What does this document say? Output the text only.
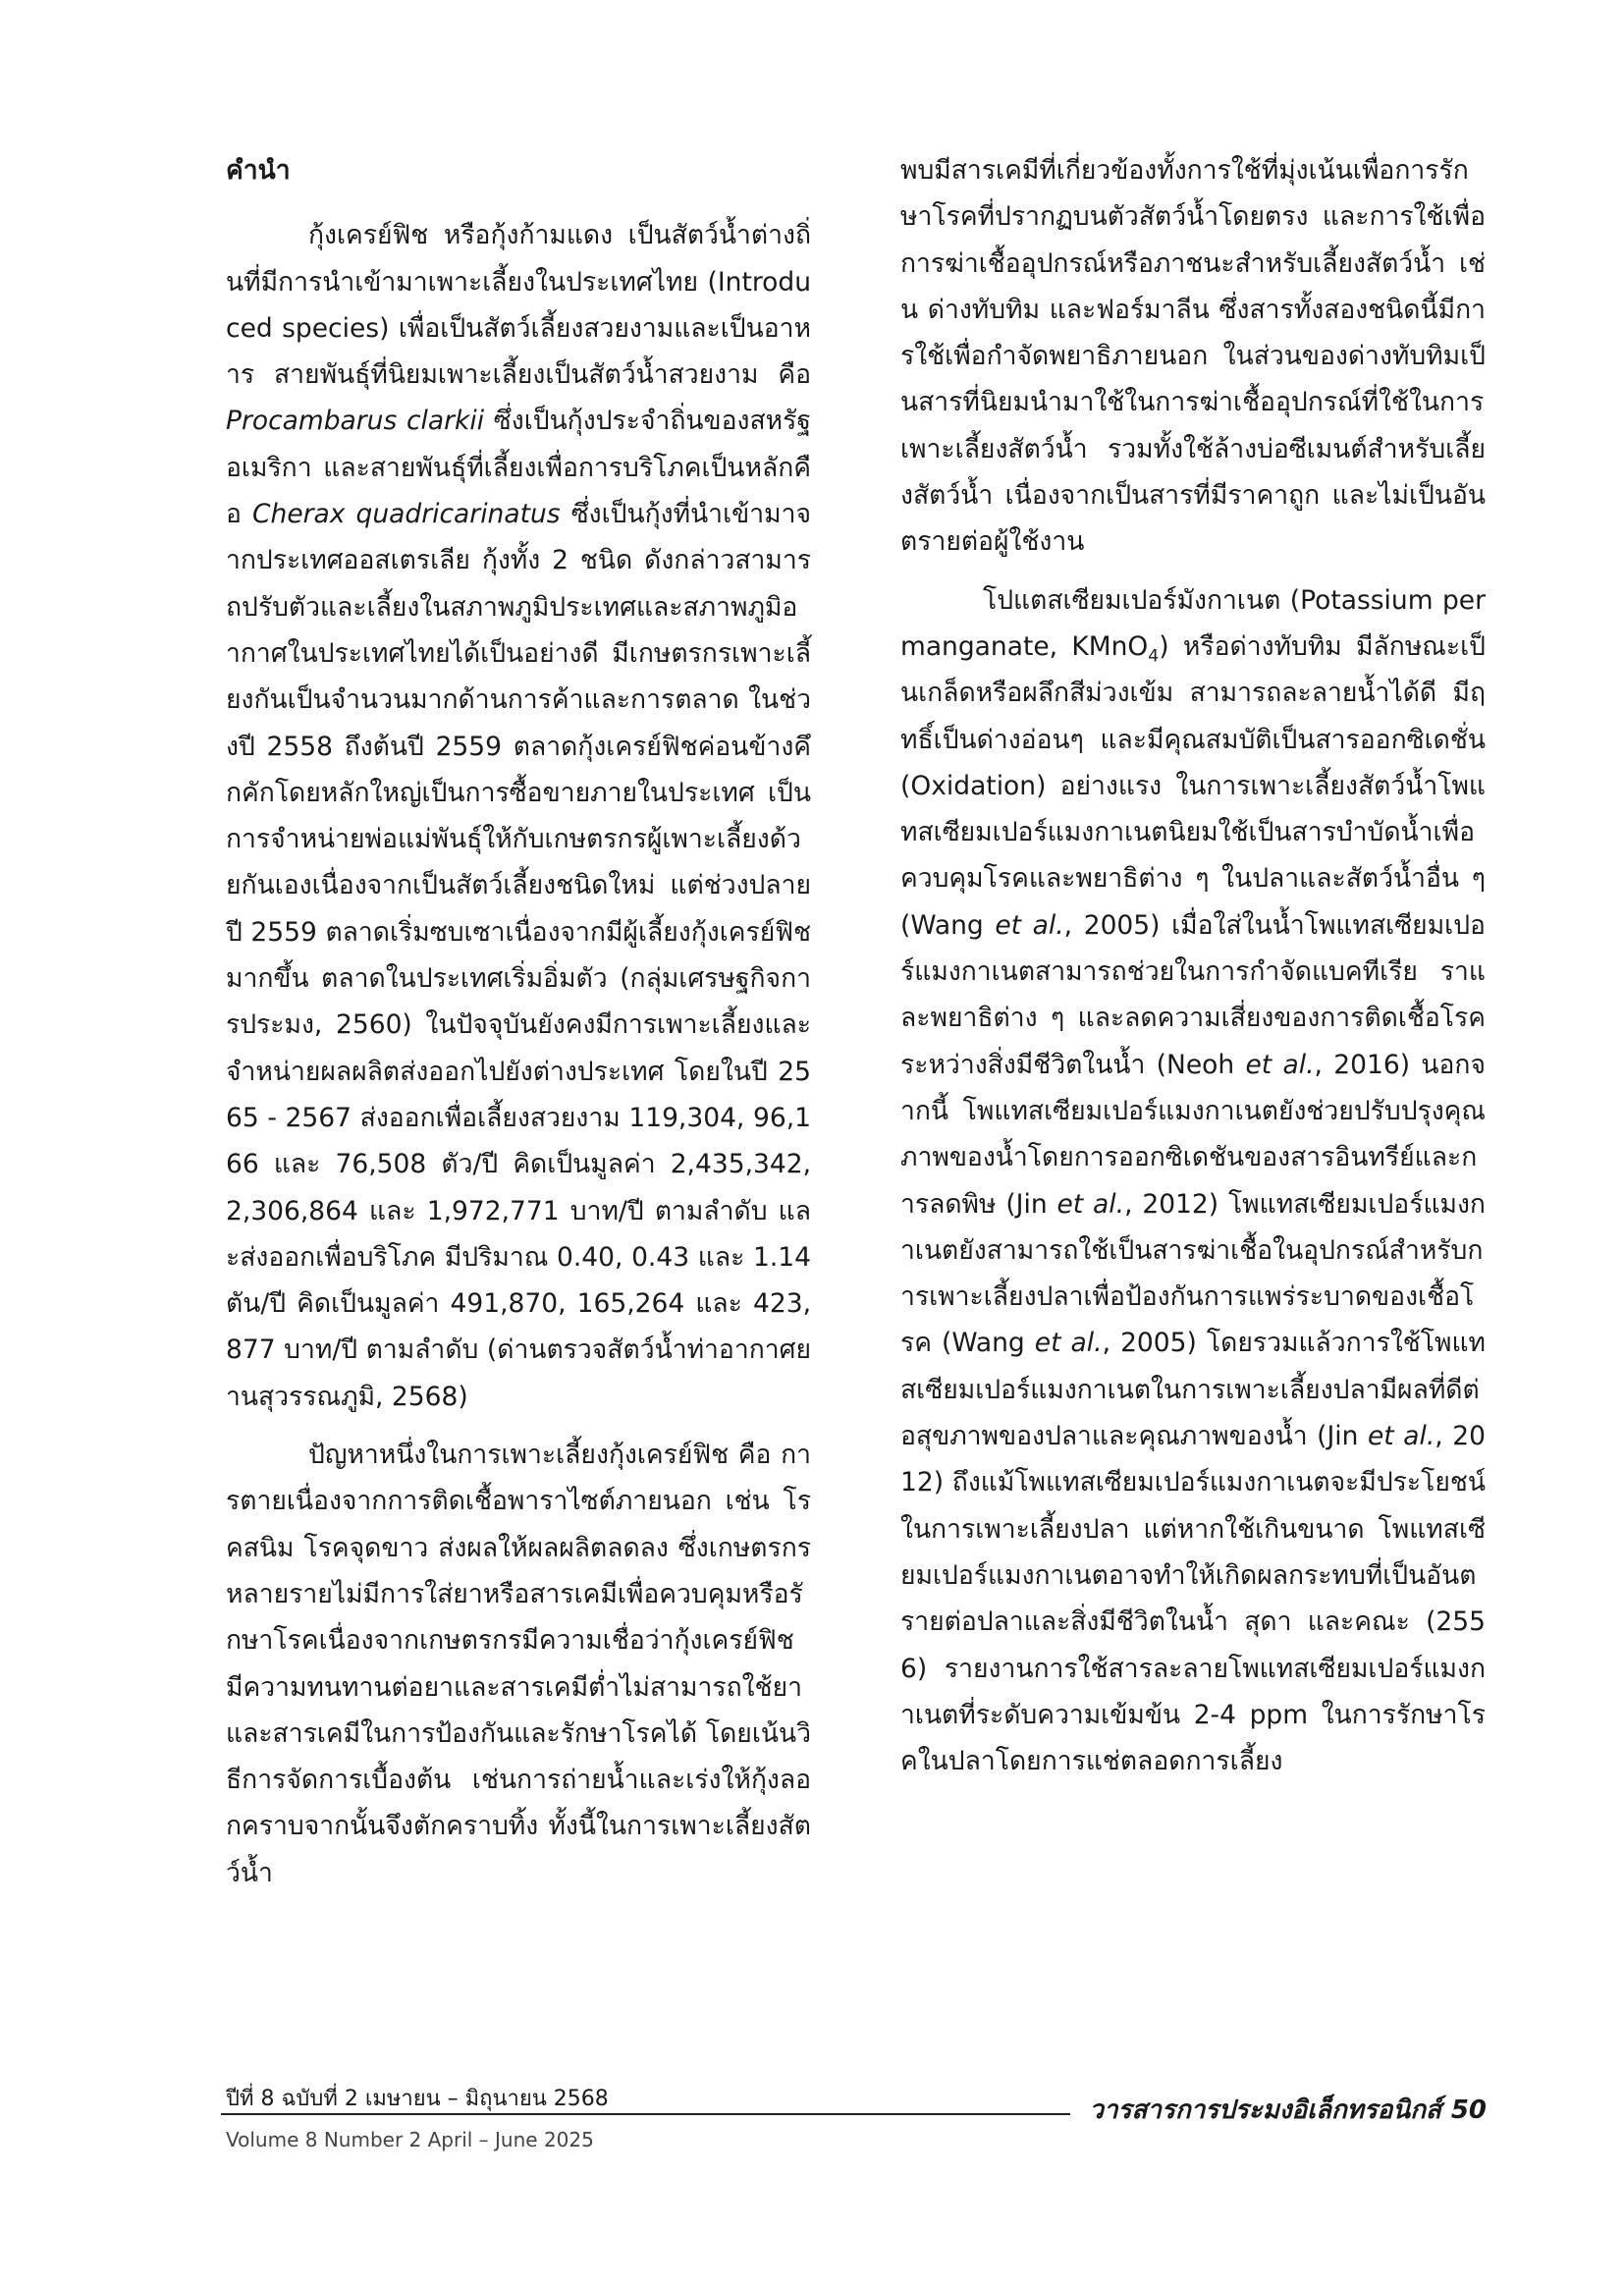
คำนำ

กุ้งเครย์ฟิช หรือกุ้งก้ามแดง เป็นสัตว์น้ำต่างถิ่นที่มีการนำเข้ามาเพาะเลี้ยงในประเทศไทย (Introduced species) เพื่อเป็นสัตว์เลี้ยงสวยงามและเป็นอาหาร สายพันธุ์ที่นิยมเพาะเลี้ยงเป็นสัตว์น้ำสวยงาม คือ Procambarus clarkii ซึ่งเป็นกุ้งประจำถิ่นของสหรัฐอเมริกา และสายพันธุ์ที่เลี้ยงเพื่อการบริโภคเป็นหลักคือ Cherax quadricarinatus ซึ่งเป็นกุ้งที่นำเข้ามาจากประเทศออสเตรเลีย กุ้งทั้ง 2 ชนิด ดังกล่าวสามารถปรับตัวและเลี้ยงในสภาพภูมิประเทศและสภาพภูมิอากาศในประเทศไทยได้เป็นอย่างดี มีเกษตรกรเพาะเลี้ยงกันเป็นจำนวนมากด้านการค้าและการตลาด ในช่วงปี 2558 ถึงต้นปี 2559 ตลาดกุ้งเครย์ฟิชค่อนข้างคึกคักโดยหลักใหญ่เป็นการซื้อขายภายในประเทศ เป็นการจำหน่ายพ่อแม่พันธุ์ให้กับเกษตรกรผู้เพาะเลี้ยงด้วยกันเองเนื่องจากเป็นสัตว์เลี้ยงชนิดใหม่ แต่ช่วงปลายปี 2559 ตลาดเริ่มซบเซาเนื่องจากมีผู้เลี้ยงกุ้งเครย์ฟิชมากขึ้น ตลาดในประเทศเริ่มอิ่มตัว (กลุ่มเศรษฐกิจการประมง, 2560) ในปัจจุบันยังคงมีการเพาะเลี้ยงและจำหน่ายผลผลิตส่งออกไปยังต่างประเทศ โดยในปี 2565 - 2567 ส่งออกเพื่อเลี้ยงสวยงาม 119,304, 96,166 และ 76,508 ตัว/ปี คิดเป็นมูลค่า 2,435,342, 2,306,864 และ 1,972,771 บาท/ปี ตามลำดับ และส่งออกเพื่อบริโภค มีปริมาณ 0.40, 0.43 และ 1.14 ตัน/ปี คิดเป็นมูลค่า 491,870, 165,264 และ 423,877 บาท/ปี ตามลำดับ (ด่านตรวจสัตว์น้ำท่าอากาศยานสุวรรณภูมิ, 2568)

ปัญหาหนึ่งในการเพาะเลี้ยงกุ้งเครย์ฟิช คือ การตายเนื่องจากการติดเชื้อพาราไซต์ภายนอก เช่น โรคสนิม โรคจุดขาว ส่งผลให้ผลผลิตลดลง ซึ่งเกษตรกรหลายรายไม่มีการใส่ยาหรือสารเคมีเพื่อควบคุมหรือรักษาโรคเนื่องจากเกษตรกรมีความเชื่อว่ากุ้งเครย์ฟิชมีความทนทานต่อยาและสารเคมีต่ำไม่สามารถใช้ยาและสารเคมีในการป้องกันและรักษาโรคได้ โดยเน้นวิธีการจัดการเบื้องต้น เช่นการถ่ายน้ำและเร่งให้กุ้งลอกคราบจากนั้นจึงตักคราบทิ้ง ทั้งนี้ในการเพาะเลี้ยงสัตว์น้ำ

พบมีสารเคมีที่เกี่ยวข้องทั้งการใช้ที่มุ่งเน้นเพื่อการรักษาโรคที่ปรากฏบนตัวสัตว์น้ำโดยตรง และการใช้เพื่อการฆ่าเชื้ออุปกรณ์หรือภาชนะสำหรับเลี้ยงสัตว์น้ำ เช่น ด่างทับทิม และฟอร์มาลีน ซึ่งสารทั้งสองชนิดนี้มีการใช้เพื่อกำจัดพยาธิภายนอก ในส่วนของด่างทับทิมเป็นสารที่นิยมนำมาใช้ในการฆ่าเชื้ออุปกรณ์ที่ใช้ในการเพาะเลี้ยงสัตว์น้ำ รวมทั้งใช้ล้างบ่อซีเมนต์สำหรับเลี้ยงสัตว์น้ำ เนื่องจากเป็นสารที่มีราคาถูก และไม่เป็นอันตรายต่อผู้ใช้งาน

โปแตสเซียมเปอร์มังกาเนต (Potassium permanganate, KMnO$_4$) หรือด่างทับทิม มีลักษณะเป็นเกล็ดหรือผลึกสีม่วงเข้ม สามารถละลายน้ำได้ดี มีฤทธิ์เป็นด่างอ่อนๆ และมีคุณสมบัติเป็นสารออกซิเดชั่น (Oxidation) อย่างแรง ในการเพาะเลี้ยงสัตว์น้ำโพแทสเซียมเปอร์แมงกาเนตนิยมใช้เป็นสารบำบัดน้ำเพื่อควบคุมโรคและพยาธิต่าง ๆ ในปลาและสัตว์น้ำอื่น ๆ (Wang et al., 2005) เมื่อใส่ในน้ำโพแทสเซียมเปอร์แมงกาเนตสามารถช่วยในการกำจัดแบคทีเรีย ราและพยาธิต่าง ๆ และลดความเสี่ยงของการติดเชื้อโรคระหว่างสิ่งมีชีวิตในน้ำ (Neoh et al., 2016) นอกจากนี้ โพแทสเซียมเปอร์แมงกาเนตยังช่วยปรับปรุงคุณภาพของน้ำโดยการออกซิเดชันของสารอินทรีย์และการลดพิษ (Jin et al., 2012) โพแทสเซียมเปอร์แมงกาเนตยังสามารถใช้เป็นสารฆ่าเชื้อในอุปกรณ์สำหรับการเพาะเลี้ยงปลาเพื่อป้องกันการแพร่ระบาดของเชื้อโรค (Wang et al., 2005) โดยรวมแล้วการใช้โพแทสเซียมเปอร์แมงกาเนตในการเพาะเลี้ยงปลามีผลที่ดีต่อสุขภาพของปลาและคุณภาพของน้ำ (Jin et al., 2012) ถึงแม้โพแทสเซียมเปอร์แมงกาเนตจะมีประโยชน์ในการเพาะเลี้ยงปลา แต่หากใช้เกินขนาด โพแทสเซียมเปอร์แมงกาเนตอาจทำให้เกิดผลกระทบที่เป็นอันตรายต่อปลาและสิ่งมีชีวิตในน้ำ สุดา และคณะ (2556) รายงานการใช้สารละลายโพแทสเซียมเปอร์แมงกาเนตที่ระดับความเข้มข้น 2-4 ppm ในการรักษาโรคในปลาโดยการแช่ตลอดการเลี้ยง

ปีที่ 8 ฉบับที่ 2 เมษายน – มิถุนายน 2568
Volume 8 Number 2 April – June 2025
วารสารการประมงอิเล็กทรอนิกส์ 50
